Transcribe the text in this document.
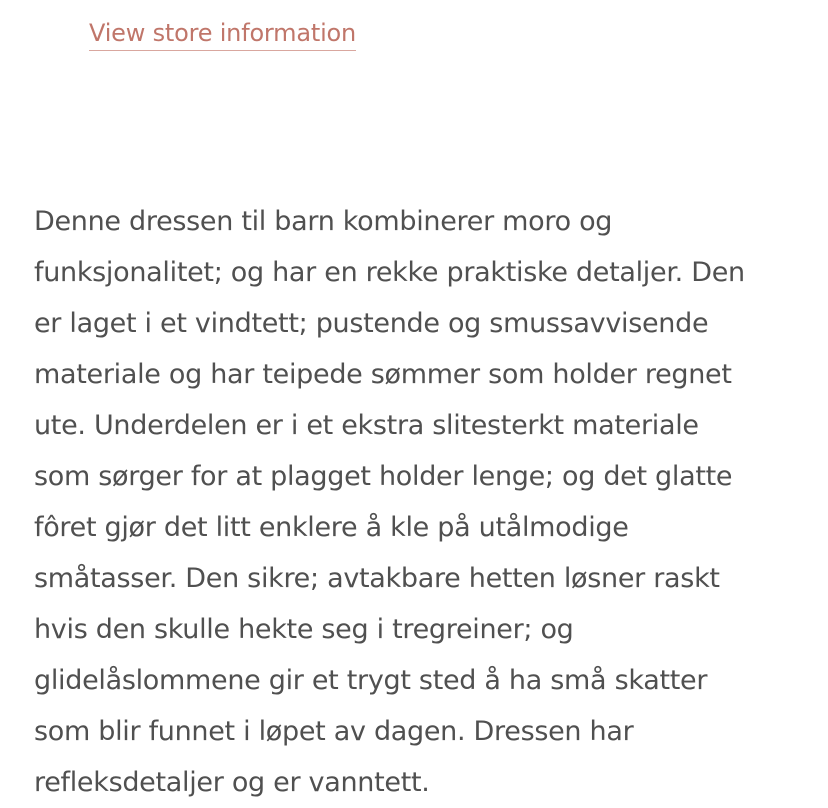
View store information

Denne dressen til barn kombinerer moro og
funksjonalitet; og har en rekke praktiske detaljer. Den
er laget i et vindtett; pustende og smussavvisende
materiale og har teipede sømmer som holder regnet
ute. Underdelen er i et ekstra slitesterkt materiale
som sørger for at plagget holder lenge; og det glatte
fôret gjør det litt enklere å kle på utålmodige
småtasser. Den sikre; avtakbare hetten løsner raskt
hvis den skulle hekte seg i tregreiner; og
glidelåslommene gir et trygt sted å ha små skatter
som blir funnet i løpet av dagen. Dressen har
refleksdetaljer og er vanntett.
